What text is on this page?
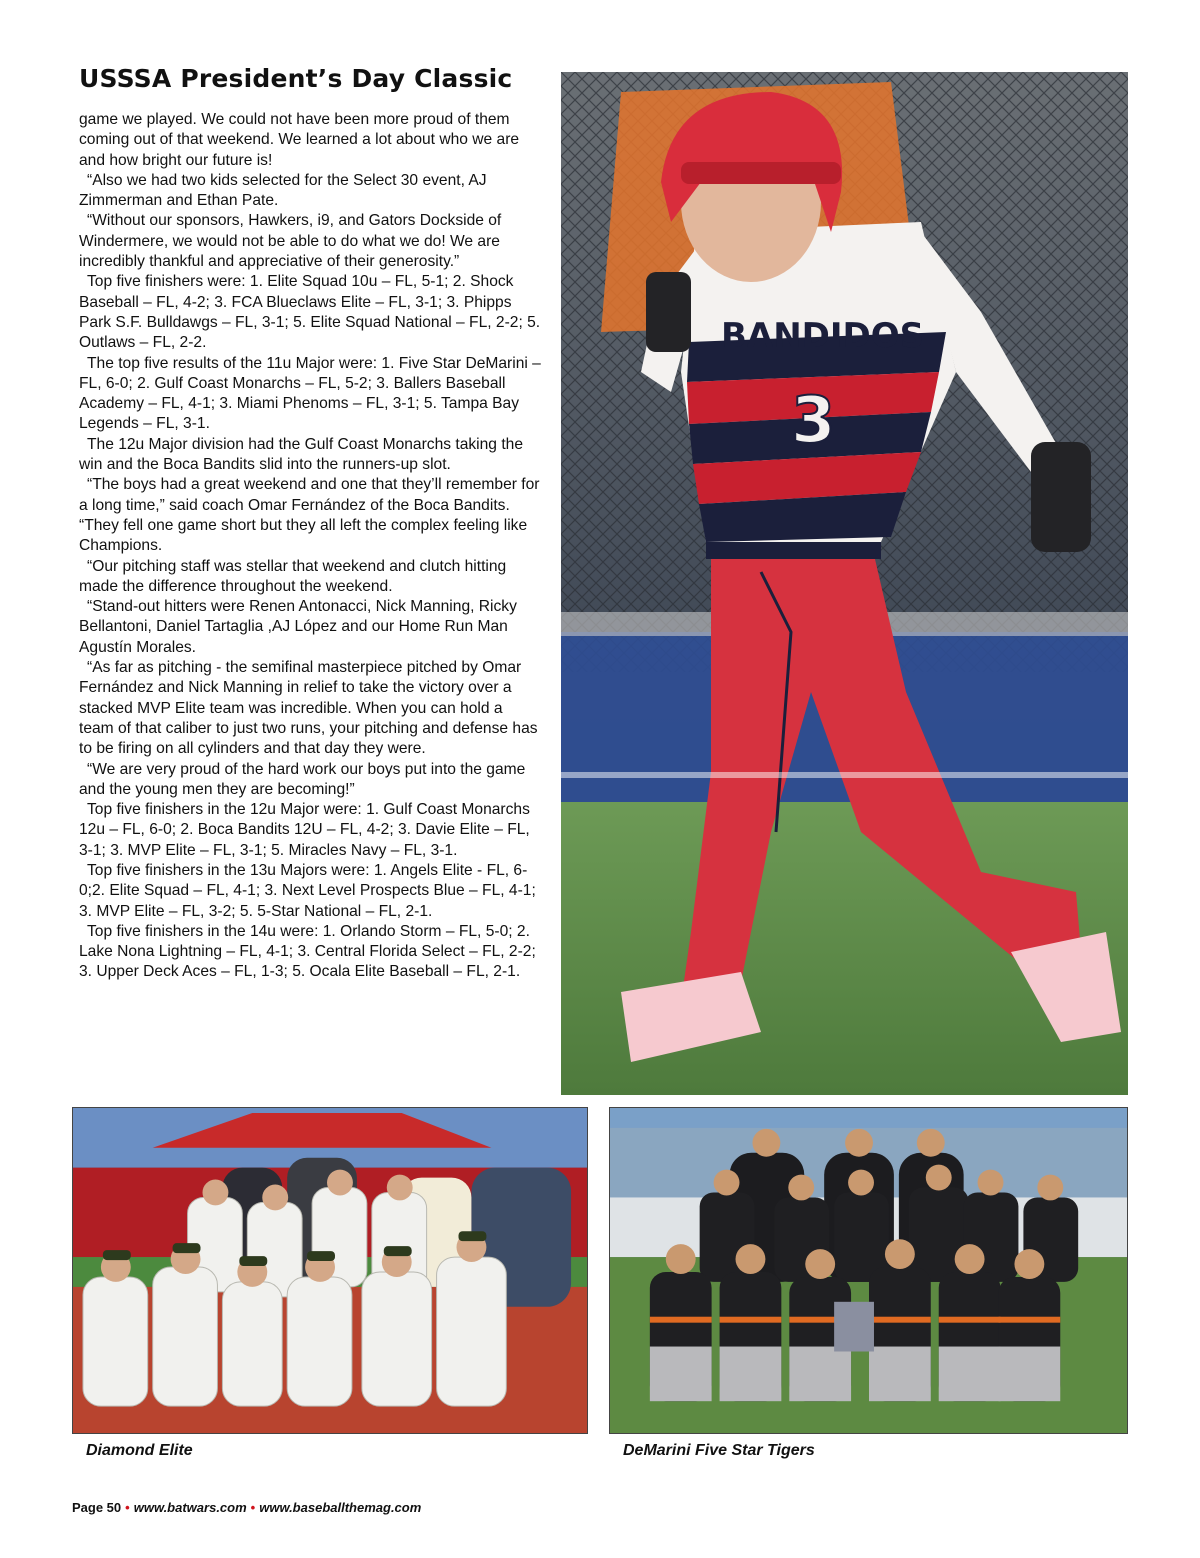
USSSA President’s Day Classic

game we played. We could not have been more proud of them coming out of that weekend. We learned a lot about who we are and how bright our future is!

“Also we had two kids selected for the Select 30 event, AJ Zimmerman and Ethan Pate.

“Without our sponsors, Hawkers, i9, and Gators Dockside of Windermere, we would not be able to do what we do! We are incredibly thankful and appreciative of their generosity.”

Top five finishers were: 1. Elite Squad 10u – FL, 5-1; 2. Shock Baseball – FL, 4-2; 3. FCA Blueclaws Elite – FL, 3-1; 3. Phipps Park S.F. Bulldawgs – FL, 3-1; 5. Elite Squad National – FL, 2-2; 5. Outlaws – FL, 2-2.

The top five results of the 11u Major were: 1. Five Star DeMarini – FL, 6-0; 2. Gulf Coast Monarchs – FL, 5-2; 3. Ballers Baseball Academy – FL, 4-1; 3. Miami Phenoms – FL, 3-1; 5. Tampa Bay Legends – FL, 3-1.

The 12u Major division had the Gulf Coast Monarchs taking the win and the Boca Bandits slid into the runners-up slot.

“The boys had a great weekend and one that they’ll remember for a long time,” said coach Omar Fernández of the Boca Bandits. “They fell one game short but they all left the complex feeling like Champions.

“Our pitching staff was stellar that weekend and clutch hitting made the difference throughout the weekend.

“Stand-out hitters were Renen Antonacci, Nick Manning, Ricky Bellantoni, Daniel Tartaglia ,AJ López and our Home Run Man Agustín Morales.

“As far as pitching - the semifinal masterpiece pitched by Omar Fernández and Nick Manning in relief to take the victory over a stacked MVP Elite team was incredible. When you can hold a team of that caliber to just two runs, your pitching and defense has to be firing on all cylinders and that day they were.

“We are very proud of the hard work our boys put into the game and the young men they are becoming!”

Top five finishers in the 12u Major were: 1. Gulf Coast Monarchs 12u – FL, 6-0; 2. Boca Bandits 12U – FL, 4-2; 3. Davie Elite – FL, 3-1; 3. MVP Elite – FL, 3-1; 5. Miracles Navy – FL, 3-1.

Top five finishers in the 13u Majors were: 1. Angels Elite - FL, 6-0;2. Elite Squad – FL, 4-1; 3. Next Level Prospects Blue – FL, 4-1; 3. MVP Elite – FL, 3-2; 5. 5-Star National – FL, 2-1.

Top five finishers in the 14u were: 1. Orlando Storm – FL, 5-0; 2. Lake Nona Lightning – FL, 4-1; 3. Central Florida Select – FL, 2-2; 3. Upper Deck Aces – FL, 1-3; 5. Ocala Elite Baseball – FL, 2-1.

BANDIDOS
3
Diamond Elite	DeMarini Five Star Tigers
Page 50 • www.batwars.com • www.baseballthemag.com
